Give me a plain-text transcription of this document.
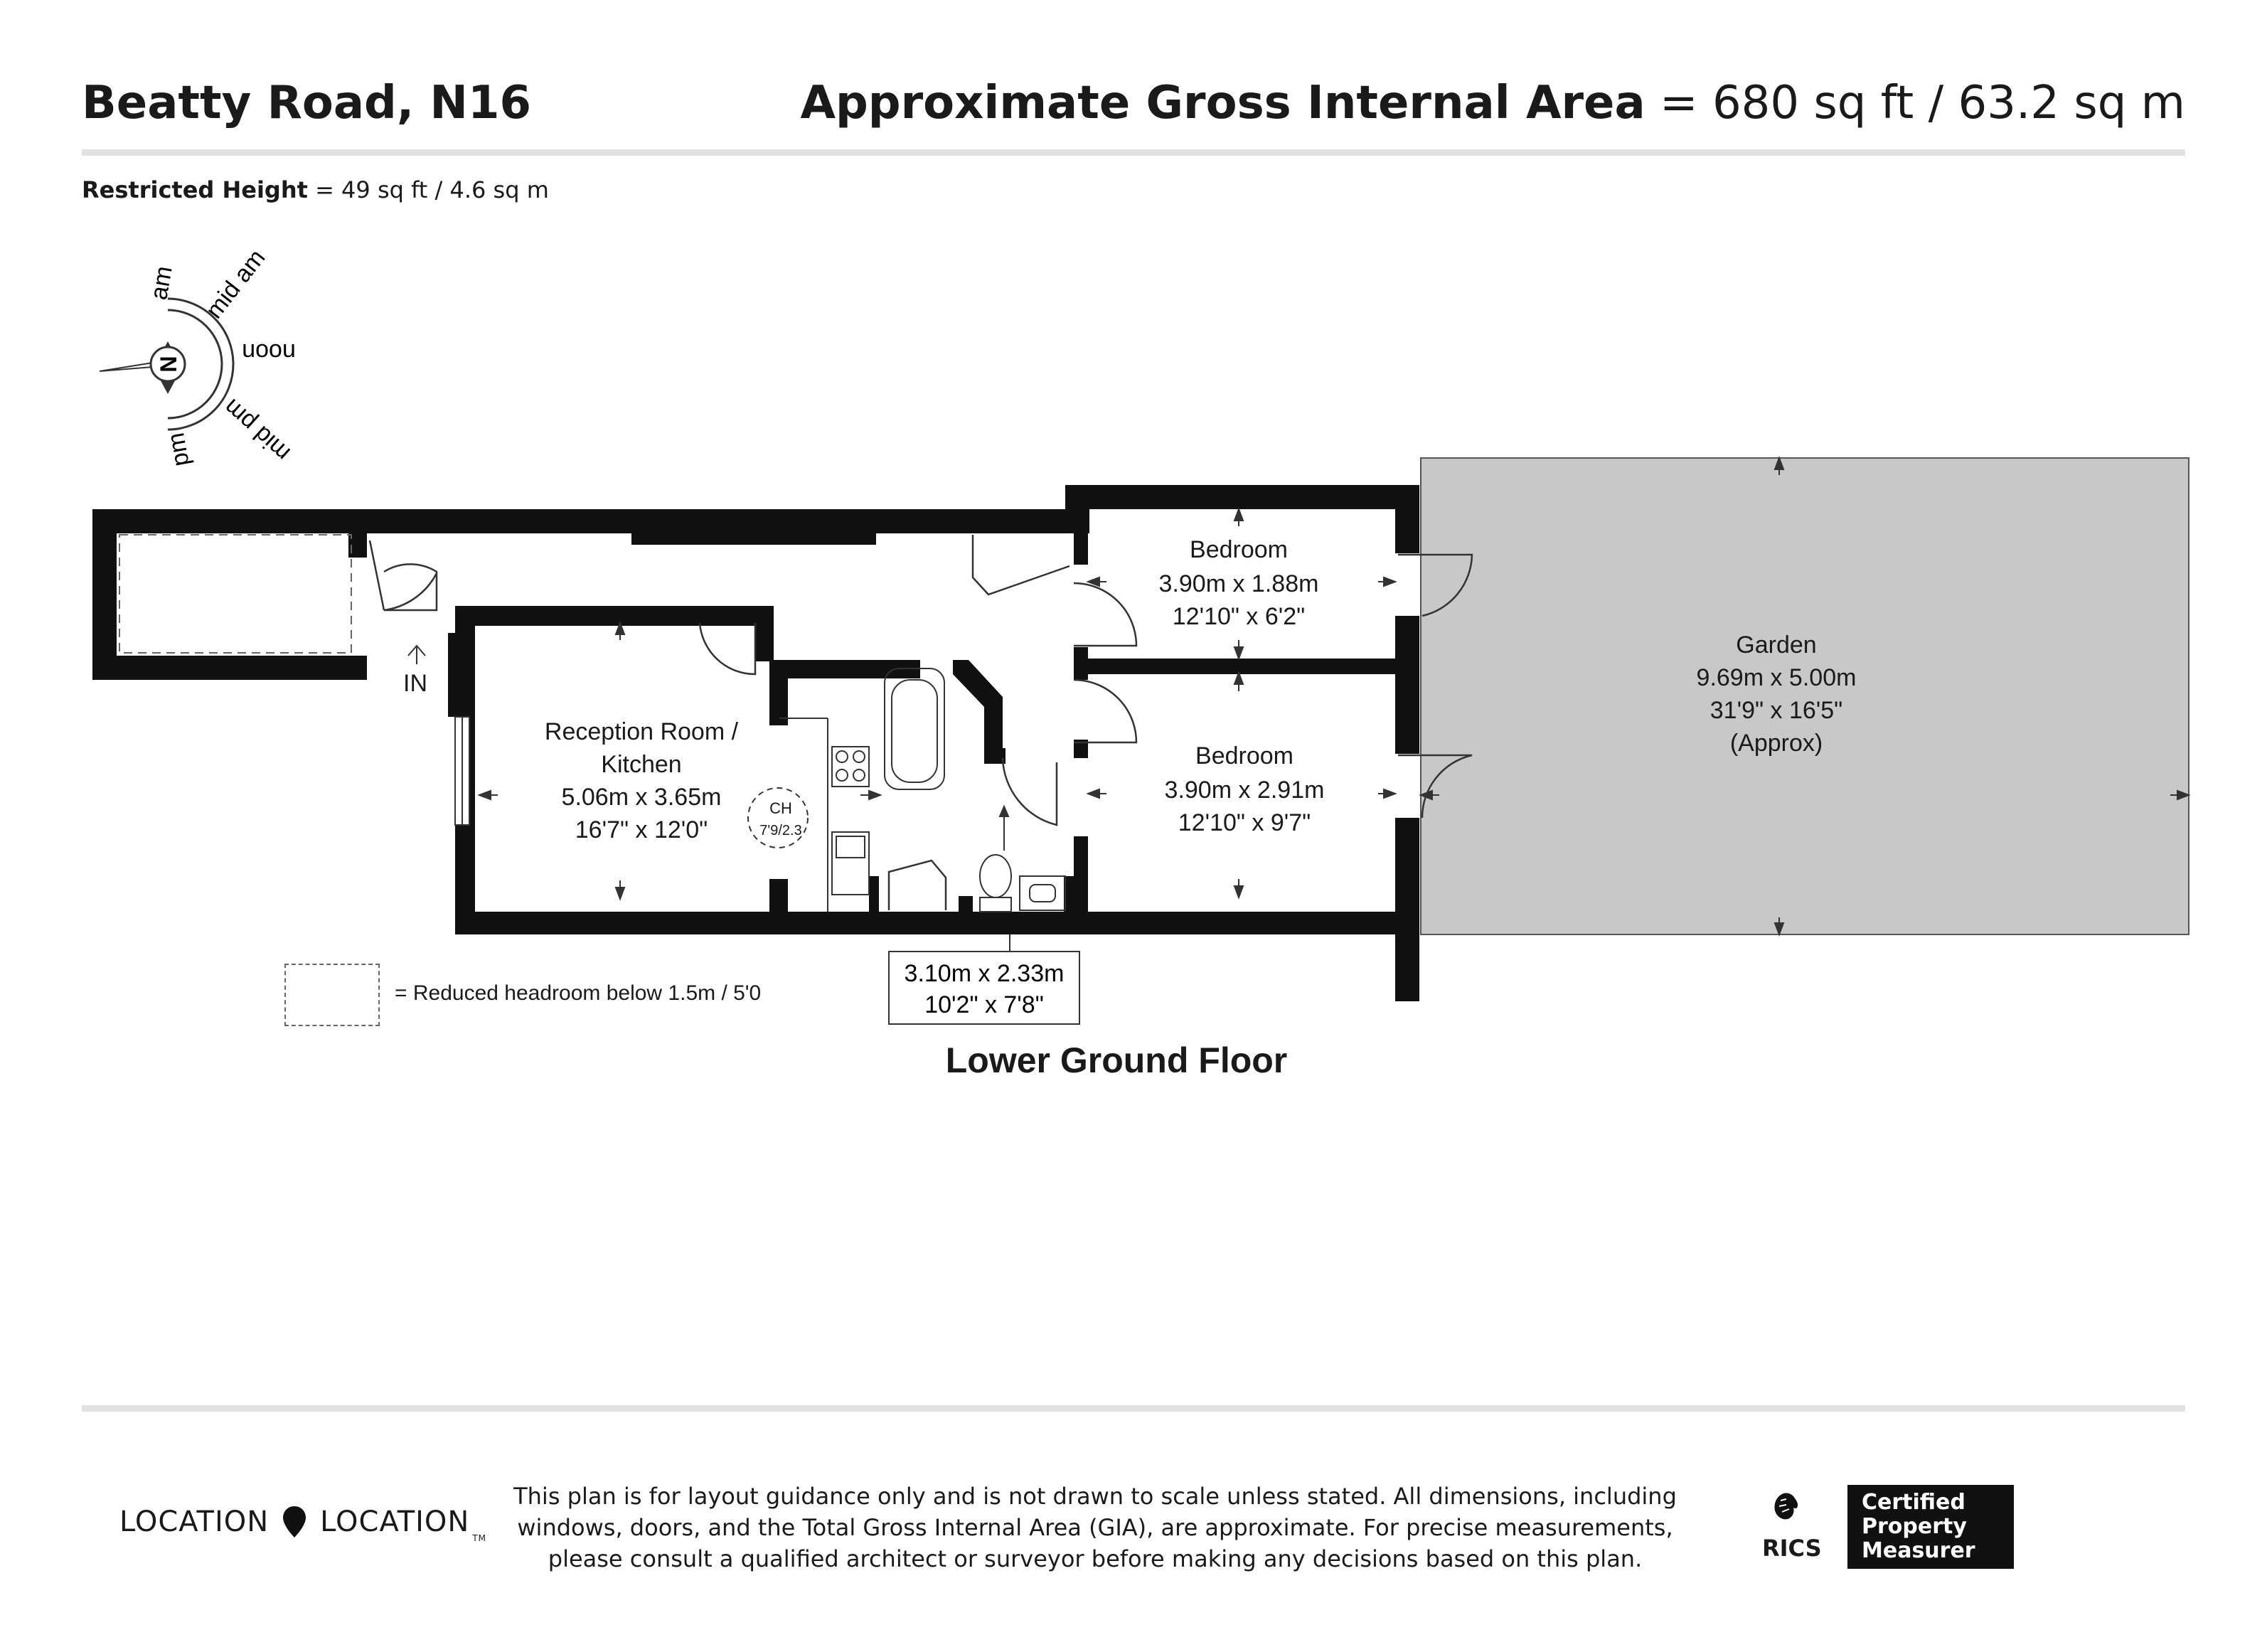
Beatty Road, N16	Approximate Gross Internal Area = 680 sq ft / 63.2 sq m
Restricted Height = 49 sq ft / 4.6 sq m
N
am mid am
noon
mid pm
pm
Bedroom
3.90m x 1.88m
12'10" x 6'2"
Bedroom
3.90m x 2.91m
12'10" x 9'7"
Reception Room /
Kitchen
5.06m x 3.65m
16'7" x 12'0"
Garden
9.69m x 5.00m
31'9" x 16'5"
(Approx)
CH
7'9/2.3
IN
3.10m x 2.33m
10'2" x 7'8"
= Reduced headroom below 1.5m / 5'0
Lower Ground Floor
LOCATION LOCATION TM
This plan is for layout guidance only and is not drawn to scale unless stated. All dimensions, including windows, doors, and the Total Gross Internal Area (GIA), are approximate. For precise measurements, please consult a qualified architect or surveyor before making any decisions based on this plan.	RICS
Certified
Property
Measurer
